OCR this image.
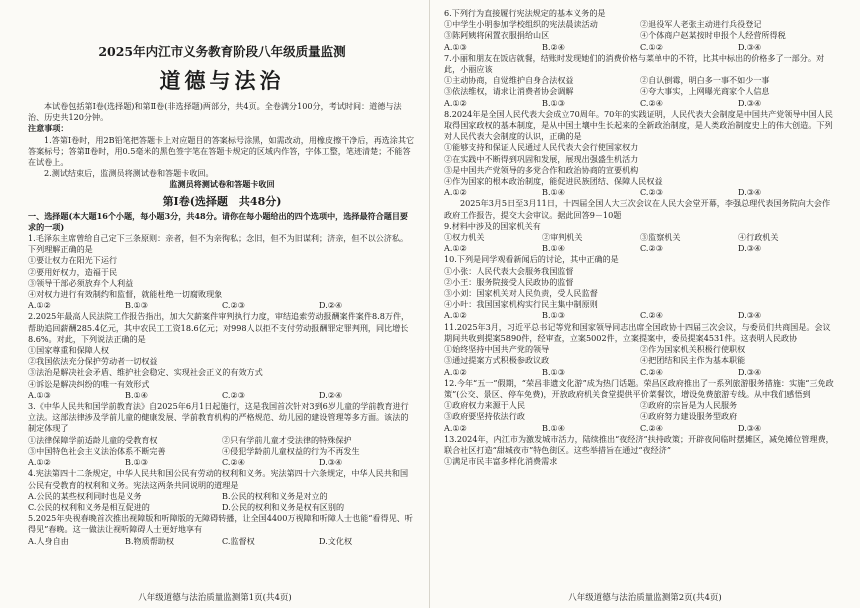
2025年内江市义务教育阶段八年级质量监测
道德与法治
本试卷包括第Ⅰ卷(选择题)和第Ⅱ卷(非选择题)两部分，共4页。全卷满分100分，考试时间：道德与法治、历史共120分钟。
注意事项：
1.答第Ⅰ卷时，用2B铅笔把答题卡上对应题目的答案标号涂黑，如需改动，用橡皮擦干净后，再选涂其它答案标号；答第Ⅱ卷时，用0.5毫米的黑色签字笔在答题卡规定的区域内作答，字体工整，笔迹清楚；不能答在试卷上。
2.测试结束后，监测员将测试卷和答题卡收回。
监测员将测试卷和答题卡收回
第Ⅰ卷(选择题　共48分)
一、选择题(本大题16个小题，每小题3分，共48分。请你在每小题给出的四个选项中，选择最符合题目要求的一项)
1.毛泽东主席曾给自己定下三条原则：亲者，但不为亲徇私；念旧，但不为旧谋利；济亲，但不以公济私。下列理解正确的是
①要让权力在阳光下运行
②要用好权力，造福于民
③领导干部必须放弃个人利益
④对权力进行有效制约和监督，就能杜绝一切腐败现象
A.①②	B.①③	C.②③	D.②④
2.2025年最高人民法院工作报告指出，加大欠薪案件审判执行力度，审结追索劳动报酬案件案件8.8万件，帮助追回薪酬285.4亿元，其中农民工工资18.6亿元；对998人以拒不支付劳动报酬罪定罪判刑，同比增长8.6%。对此，下列说法正确的是
①国家尊重和保障人权
②我国依法充分保护劳动者一切权益
③法治是解决社会矛盾、维护社会稳定、实现社会正义的有效方式
④诉讼是解决纠纷的唯一有效形式
A.①③	B.①④	C.②③	D.②④
3.《中华人民共和国学前教育法》自2025年6月1日起施行，这是我国首次针对3到6岁儿童的学前教育进行立法。这部法律涉及学前儿童的健康发展、学前教育机构的严格规范、幼儿园的建设管理等多方面。该法的制定体现了
①法律保障学前适龄儿童的受教育权	②只有学前儿童才受法律的特殊保护
③中国特色社会主义法治体系不断完善	④侵犯学龄前儿童权益的行为不再发生
A.①②	B.①③	C.②④	D.③④
4.宪法第四十二条规定，中华人民共和国公民有劳动的权利和义务。宪法第四十六条规定，中华人民共和国公民有受教育的权利和义务。宪法这两条共同说明的道理是
A.公民的某些权利同时也是义务	B.公民的权利和义务是对立的
C.公民的权利和义务是相互促进的	D.公民的权利和义务是权有区别的
5.2025年央视春晚首次推出视障版和听障版的无障碍转播，让全国4400万视障和听障人士也能“看得见、听得见”春晚。这一做法让视听障碍人士更好地享有
A.人身自由	B.物质帮助权	C.监督权	D.文化权
八年级道德与法治质量监测第1页(共4页)
6.下列行为直接履行宪法规定的基本义务的是
①中学生小明参加学校组织的宪法晨读活动	②退役军人老张主动进行兵役登记
③陈阿姨将闲置衣服捐给山区	④个体商户赵某按时申报个人经营所得税
A.①③	B.②④	C.①②	D.③④
7.小丽和朋友在饭店就餐，结账时发现她们的消费价格与菜单中的不符，比其中标出的价格多了一部分。对此，小丽应该
①主动协商，自觉维护自身合法权益	②自认倒霉，明白多一事不如少一事
③依法维权，请求让消费者协会调解	④夸大事实，上网曝光商家个人信息
A.①②	B.①③	C.②④	D.③④
8.2024年是全国人民代表大会成立70周年。70年的实践证明，人民代表大会制度是中国共产党领导中国人民取得国家政权的基本制度，是从中国土壤中生长起来的全新政治制度，是人类政治制度史上的伟大创造。下列对人民代表大会制度的认识，正确的是
①能够支持和保证人民通过人民代表大会行使国家权力
②在实践中不断得到巩固和发展，展现出强盛生机活力
③是中国共产党领导的多党合作和政治协商的宣要机构
④作为国家的根本政治制度，能促进民族团结、保障人民权益
A.①②	B.①④	C.②③	D.③④
2025年3月5日至3月11日，十四届全国人大三次会议在人民大会堂开幕，李强总理代表国务院向大会作政府工作报告，提交大会审议。据此回答9－10题
9.材料中涉及的国家机关有
①权力机关	②审判机关	③监察机关	④行政机关
A.①②	B.①④	C.②③	D.③④
10.下列是同学观看新闻后的讨论，其中正确的是
①小张：人民代表大会服务我国监督
②小王：服务院接受人民政协的监督
③小刘：国家机关对人民负责，受人民监督
④小叶：我国国家机构实行民主集中制原则
A.①②	B.①③	C.②④	D.③④
11.2025年3月，习近平总书记等党和国家领导同志出席全国政协十四届三次会议，与委员们共商国是。会议期间共收到提案5890件，经审查，立案5002件，立案提案中，委员提案4531件。这表明人民政协
①始终坚持中国共产党的领导	②作为国家机关积极行使职权
③通过提案方式积极参政议政	④把团结和民主作为基本职能
A.①②	B.①③	C.②④	D.③④
12.今年“五一”假期，“荣昌非遗文化游”成为热门话题。荣昌区政府推出了一系列旅游服务措施：实施“三免政策”(公交、景区、停车免费)，开放政府机关食堂提供平价菜餐饮，增设免费旅游专线。从中我们感悟到
①政府权力来源于人民	②政府的宗旨是为人民服务
③政府要坚持依法行政	④政府努力建设服务型政府
A.①②	B.①④	C.②④	D.③④
13.2024年，内江市为激发城市活力，陆续推出“夜经济”扶持政策；开辟夜间临时摆摊区，减免摊位管理费，联合社区打造“甜城夜市”特色街区。这些举措旨在通过“夜经济”
①满足市民丰富多样化消费需求
八年级道德与法治质量监测第2页(共4页)
